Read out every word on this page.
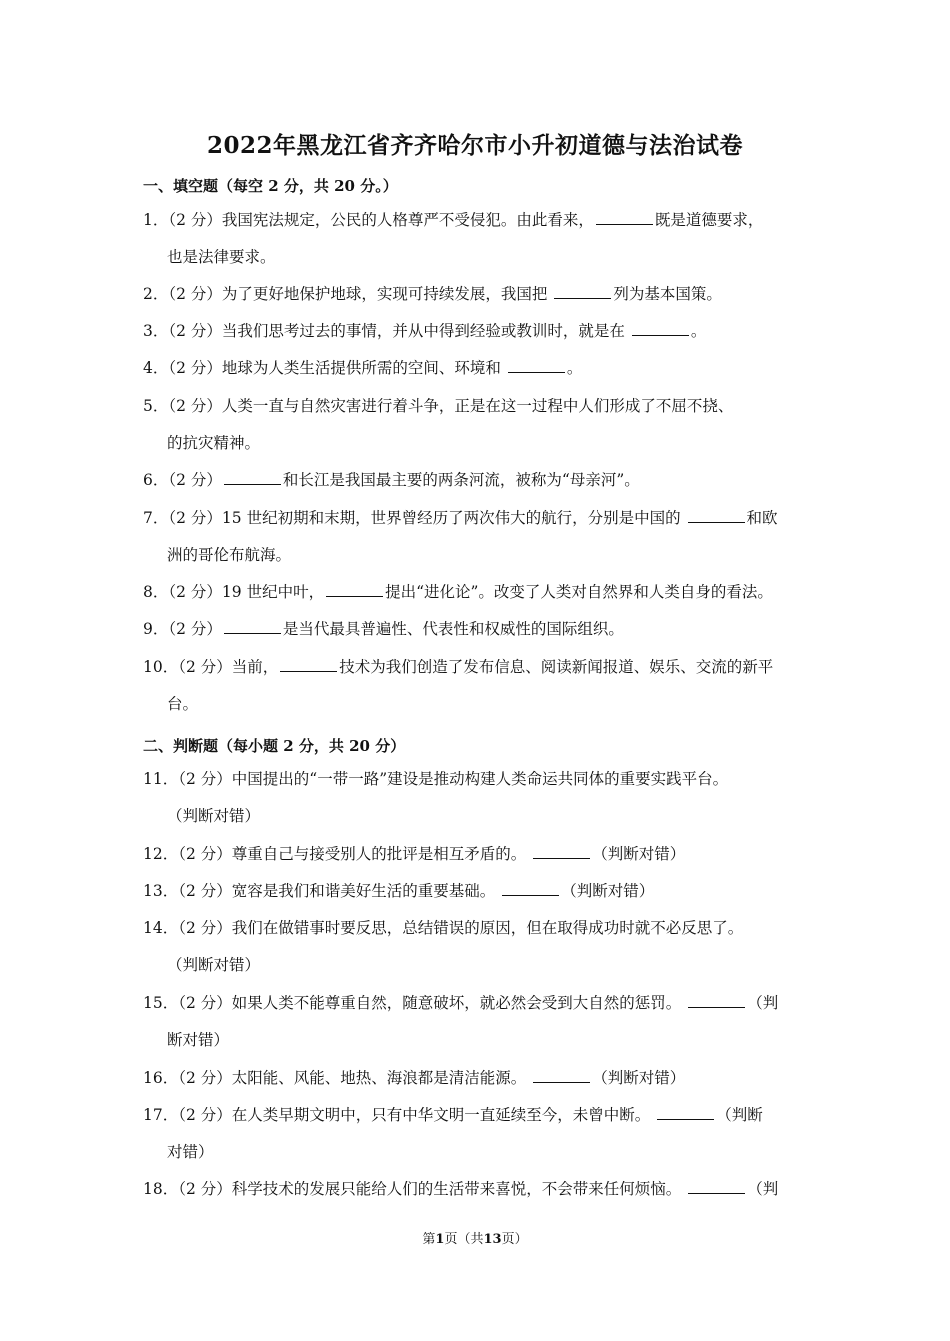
2022年黑龙江省齐齐哈尔市小升初道德与法治试卷
一、填空题（每空 2 分，共 20 分。）
1．（2 分）我国宪法规定，公民的人格尊严不受侵犯。由此看来，	既是道德要求，
也是法律要求。
2．（2 分）为了更好地保护地球，实现可持续发展，我国把	列为基本国策。
3．（2 分）当我们思考过去的事情，并从中得到经验或教训时，就是在	。
4．（2 分）地球为人类生活提供所需的空间、环境和	。
5．（2 分）人类一直与自然灾害进行着斗争，正是在这一过程中人们形成了不屈不挠、
的抗灾精神。
6．（2 分）	和长江是我国最主要的两条河流，被称为“母亲河”。
7．（2 分）15 世纪初期和末期，世界曾经历了两次伟大的航行，分别是中国的	和欧
洲的哥伦布航海。
8．（2 分）19 世纪中叶，	提出“进化论”。改变了人类对自然界和人类自身的看法。
9．（2 分）	是当代最具普遍性、代表性和权威性的国际组织。
10．（2 分）当前，	技术为我们创造了发布信息、阅读新闻报道、娱乐、交流的新平
台。
二、判断题（每小题 2 分，共 20 分）
11．（2 分）中国提出的“一带一路”建设是推动构建人类命运共同体的重要实践平台。
（判断对错）
12．（2 分）尊重自己与接受别人的批评是相互矛盾的。	（判断对错）
13．（2 分）宽容是我们和谐美好生活的重要基础。	（判断对错）
14．（2 分）我们在做错事时要反思，总结错误的原因，但在取得成功时就不必反思了。
（判断对错）
15．（2 分）如果人类不能尊重自然，随意破坏，就必然会受到大自然的惩罚。	（判
断对错）
16．（2 分）太阳能、风能、地热、海浪都是清洁能源。	（判断对错）
17．（2 分）在人类早期文明中，只有中华文明一直延续至今，未曾中断。	（判断
对错）
18．（2 分）科学技术的发展只能给人们的生活带来喜悦，不会带来任何烦恼。	（判
第1页（共13页）
